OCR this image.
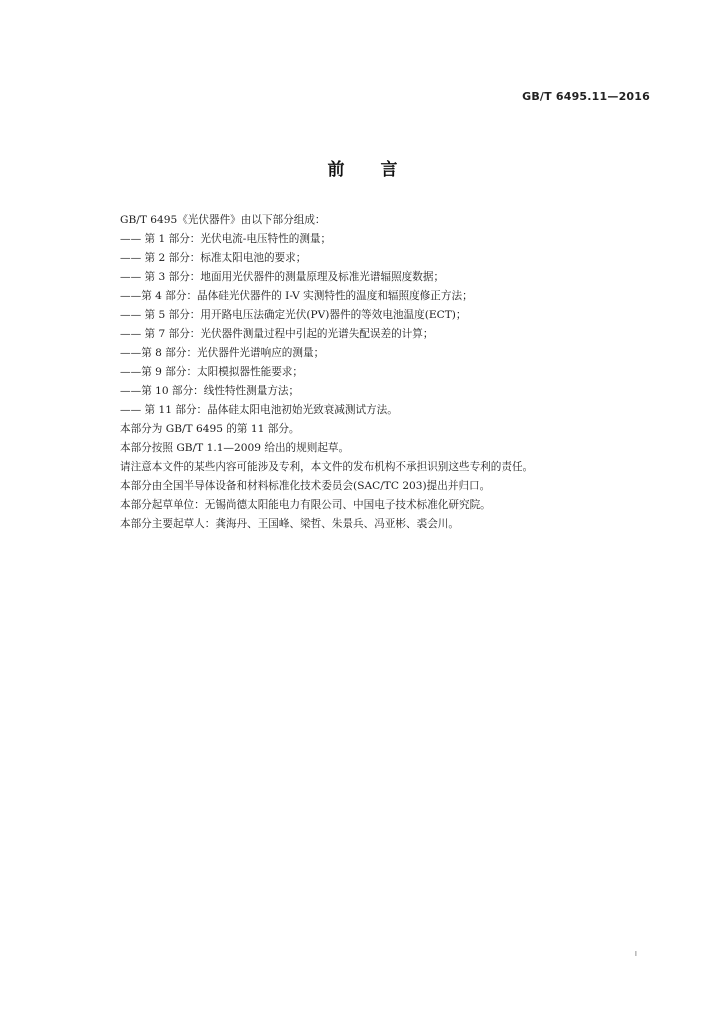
GB/T 6495.11—2016
前 言
GB/T 6495《光伏器件》由以下部分组成：
—— 第 1 部分：光伏电流-电压特性的测量；
—— 第 2 部分：标准太阳电池的要求；
—— 第 3 部分：地面用光伏器件的测量原理及标准光谱辐照度数据；
——第 4 部分：晶体硅光伏器件的 I-V 实测特性的温度和辐照度修正方法；
—— 第 5 部分：用开路电压法确定光伏(PV)器件的等效电池温度(ECT)；
—— 第 7 部分：光伏器件测量过程中引起的光谱失配误差的计算；
——第 8 部分：光伏器件光谱响应的测量；
——第 9 部分：太阳模拟器性能要求；
——第 10 部分：线性特性测量方法；
—— 第 11 部分：晶体硅太阳电池初始光致衰减测试方法。
本部分为 GB/T 6495 的第 11 部分。
本部分按照 GB/T 1.1—2009 给出的规则起草。
请注意本文件的某些内容可能涉及专利，本文件的发布机构不承担识别这些专利的责任。
本部分由全国半导体设备和材料标准化技术委员会(SAC/TC 203)提出并归口。
本部分起草单位：无锡尚德太阳能电力有限公司、中国电子技术标准化研究院。
本部分主要起草人：龚海丹、王国峰、梁哲、朱景兵、冯亚彬、裘会川。
I
